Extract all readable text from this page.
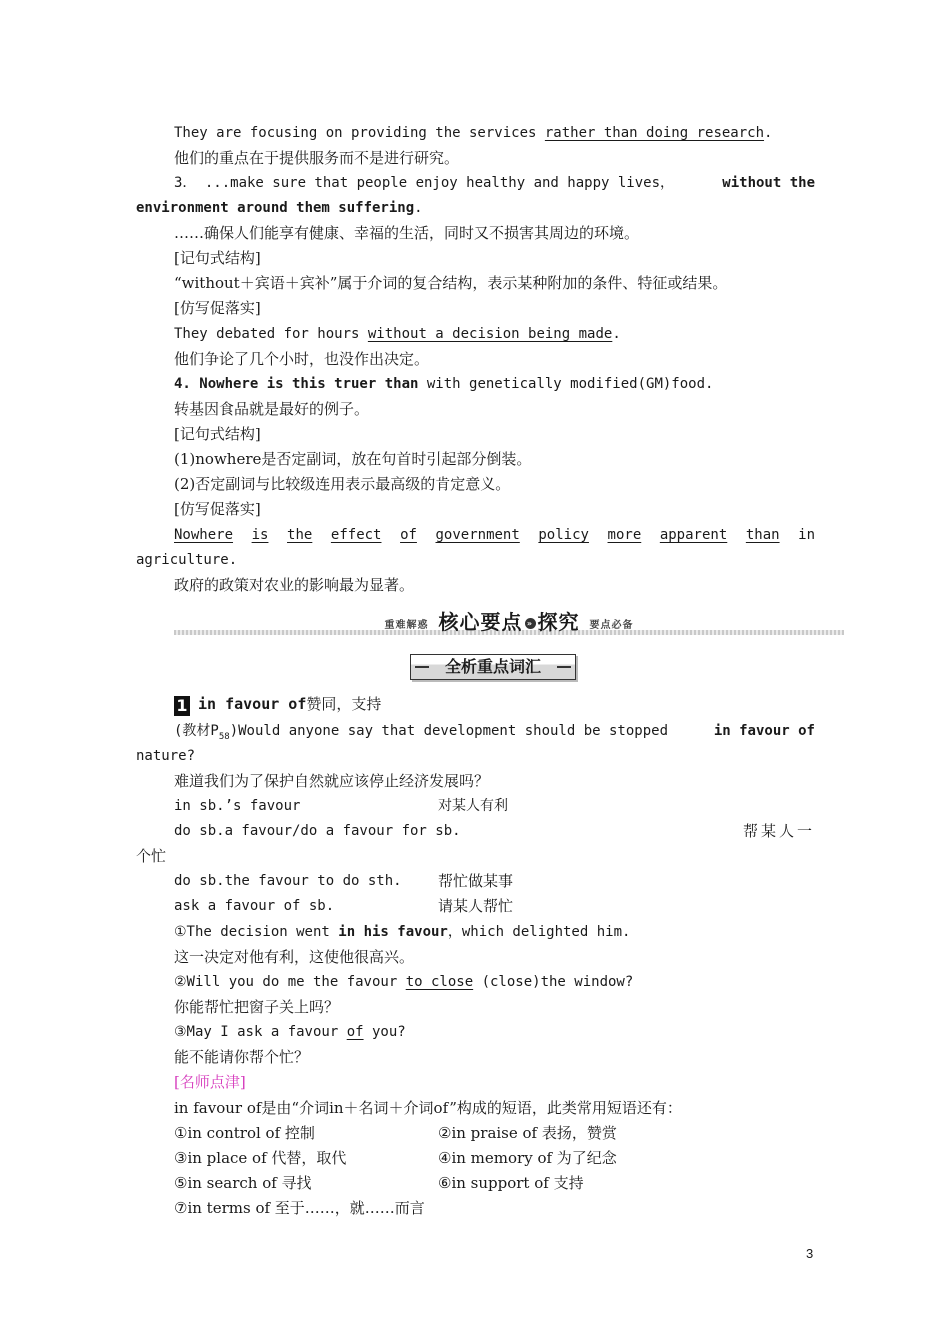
They are focusing on providing the services rather than doing research.
他们的重点在于提供服务而不是进行研究。
3． ...make sure that people enjoy healthy and happy lives，	without the
environment around them suffering.
……确保人们能享有健康、幸福的生活，同时又不损害其周边的环境。
[记句式结构]
“without＋宾语＋宾补”属于介词的复合结构，表示某种附加的条件、特征或结果。
[仿写促落实]
They debated for hours without a decision being made.
他们争论了几个小时，也没作出决定。
4. Nowhere is this truer than with genetically modified(GM)food.
转基因食品就是最好的例子。
[记句式结构]
(1)nowhere是否定副词，放在句首时引起部分倒装。
(2)否定副词与比较级连用表示最高级的肯定意义。
[仿写促落实]
Nowhere is the effect of government policy more apparent than in
agriculture.
政府的政策对农业的影响最为显著。
重难解惑 核心要点 » 探究 要点必备
全析重点词汇
1 in favour of赞同，支持
(教材$P_{58})Would$ anyone say that development should be stopped	in favour of
nature?
难道我们为了保护自然就应该停止经济发展吗？
in sb.’s favour	对某人有利
do sb.a favour/do a favour for sb.	帮某人一
个忙
do sb.the favour to do sth. 帮忙做某事
ask a favour of sb.	请某人帮忙
①The decision went in his favour，which delighted him.
这一决定对他有利，这使他很高兴。
②Will you do me the favour to close (close)the window?
你能帮忙把窗子关上吗？
③May I ask a favour of you?
能不能请你帮个忙？
[名师点津]
in favour of是由“介词in＋名词＋介词of”构成的短语，此类常用短语还有：
①in control of 控制	②in praise of 表扬，赞赏
③in place of 代替，取代	④in memory of 为了纪念
⑤in search of 寻找	⑥in support of 支持
⑦in terms of 至于……，就……而言
3
